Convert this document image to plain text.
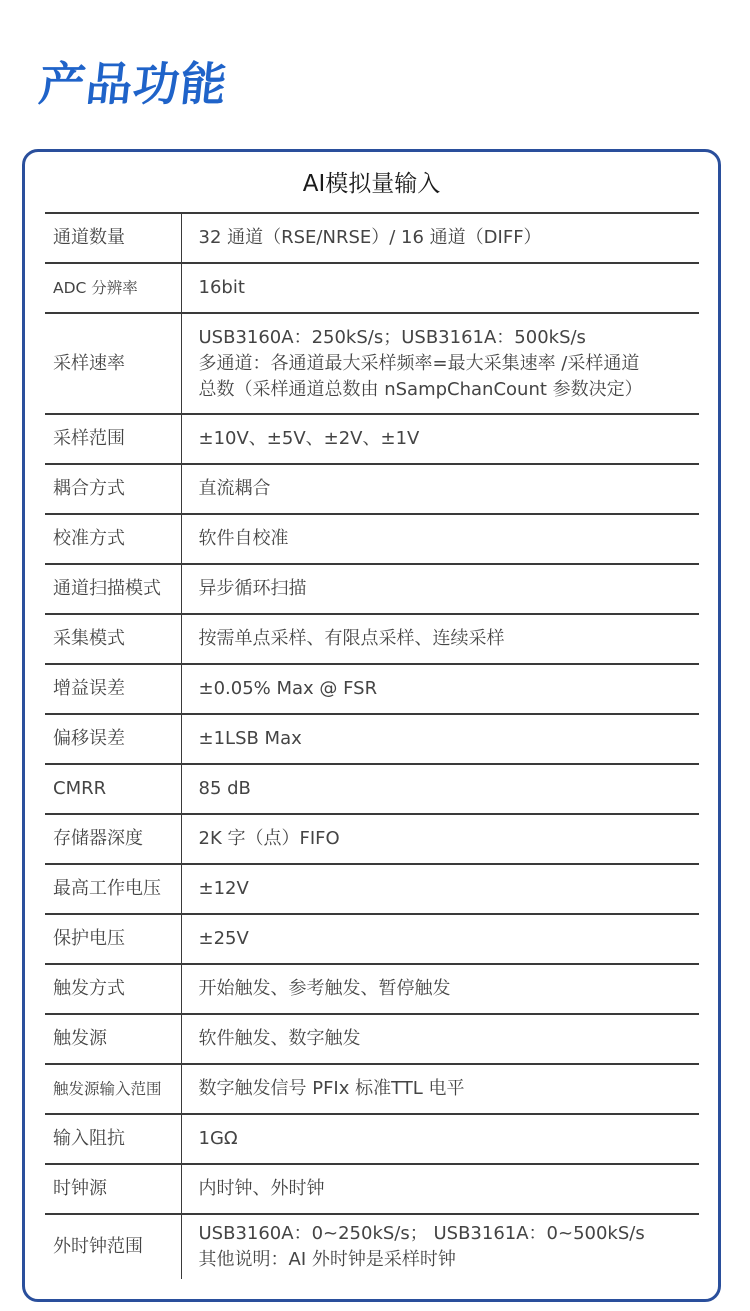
产品功能
AI模拟量输入
通道数量	32 通道（RSE/NRSE）/ 16 通道（DIFF）

ADC 分辨率	16bit

采样速率	USB3160A：250kS/s；USB3161A：500kS/s
多通道：各通道最大采样频率=最大采集速率 /采样通道
总数（采样通道总数由 nSampChanCount 参数决定）

采样范围	±10V、±5V、±2V、±1V

耦合方式	直流耦合

校准方式	软件自校准

通道扫描模式	异步循环扫描

采集模式	按需单点采样、有限点采样、连续采样

增益误差	±0.05% Max @ FSR

偏移误差	±1LSB Max

CMRR	85 dB

存储器深度	2K 字（点）FIFO

最高工作电压	±12V

保护电压	±25V

触发方式	开始触发、参考触发、暂停触发

触发源	软件触发、数字触发

触发源输入范围	数字触发信号 PFIx 标准TTL 电平

输入阻抗	1GΩ

时钟源	内时钟、外时钟

外时钟范围	USB3160A：0~250kS/s； USB3161A：0~500kS/s
其他说明：AI 外时钟是采样时钟
